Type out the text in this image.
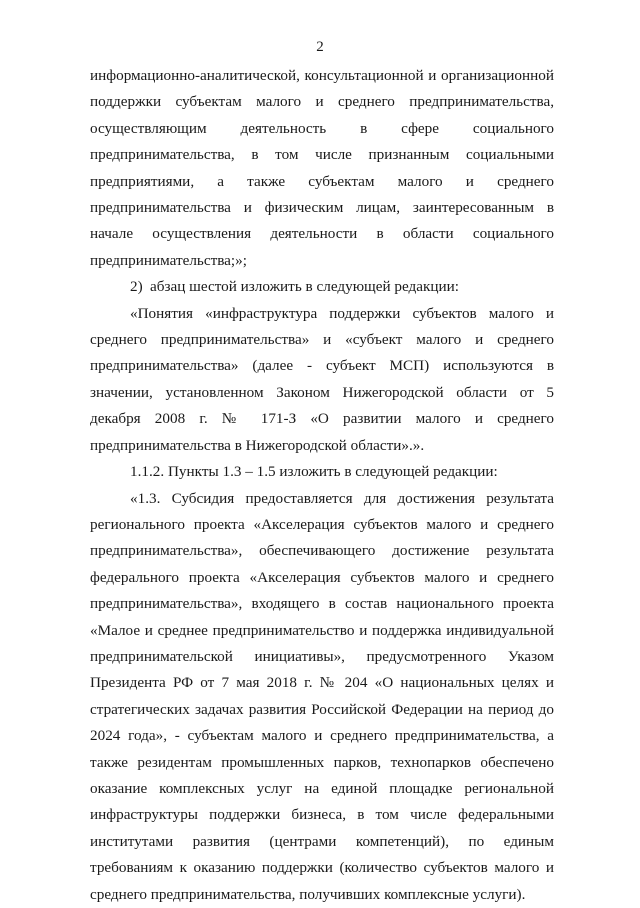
2

информационно-аналитической, консультационной и организационной поддержки субъектам малого и среднего предпринимательства, осуществляющим деятельность в сфере социального предпринимательства, в том числе признанным социальными предприятиями, а также субъектам малого и среднего предпринимательства и физическим лицам, заинтересованным в начале осуществления деятельности в области социального предпринимательства;»;

2) абзац шестой изложить в следующей редакции:

«Понятия «инфраструктура поддержки субъектов малого и среднего предпринимательства» и «субъект малого и среднего предпринимательства» (далее - субъект МСП) используются в значении, установленном Законом Нижегородской области от 5 декабря 2008 г. № 171-З «О развитии малого и среднего предпринимательства в Нижегородской области».».

1.1.2. Пункты 1.3 – 1.5 изложить в следующей редакции:

«1.3. Субсидия предоставляется для достижения результата регионального проекта «Акселерация субъектов малого и среднего предпринимательства», обеспечивающего достижение результата федерального проекта «Акселерация субъектов малого и среднего предпринимательства», входящего в состав национального проекта «Малое и среднее предпринимательство и поддержка индивидуальной предпринимательской инициативы», предусмотренного Указом Президента РФ от 7 мая 2018 г. № 204 «О национальных целях и стратегических задачах развития Российской Федерации на период до 2024 года», - субъектам малого и среднего предпринимательства, а также резидентам промышленных парков, технопарков обеспечено оказание комплексных услуг на единой площадке региональной инфраструктуры поддержки бизнеса, в том числе федеральными институтами развития (центрами компетенций), по единым требованиям к оказанию поддержки (количество субъектов малого и среднего предпринимательства, получивших комплексные услуги).
